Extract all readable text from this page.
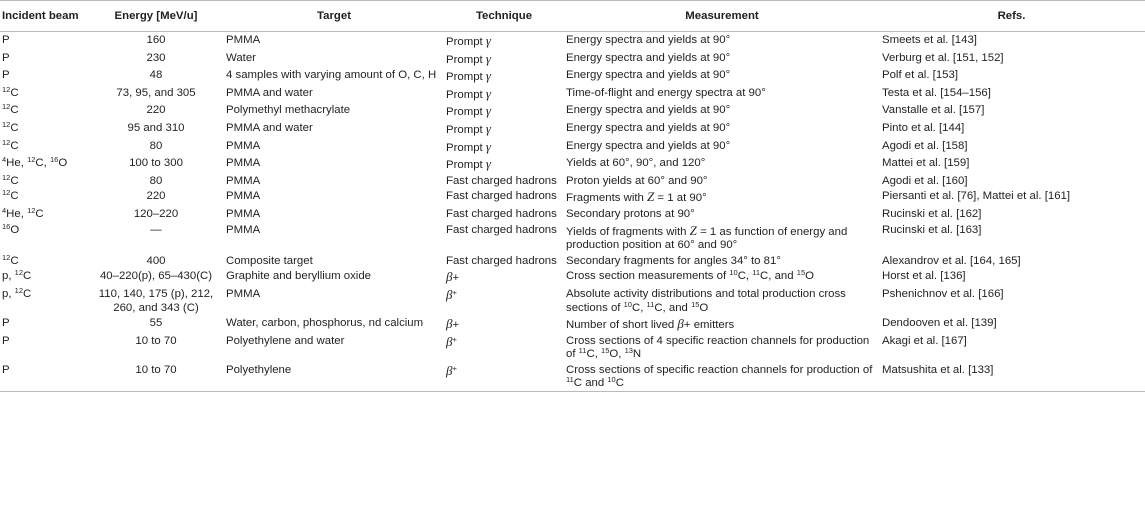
Incident beam	Energy [MeV/u]	Target	Technique	Measurement	Refs.
P	160	PMMA	Prompt γ	Energy spectra and yields at 90°	Smeets et al. [143]
P	230	Water	Prompt γ	Energy spectra and yields at 90°	Verburg et al. [151, 152]
P	48	4 samples with varying amount of O, C, H	Prompt γ	Energy spectra and yields at 90°	Polf et al. [153]
$^{12}$C	73, 95, and 305	PMMA and water	Prompt γ	Time-of-flight and energy spectra at 90°	Testa et al. [154–156]
$^{12}$C	220	Polymethyl methacrylate	Prompt γ	Energy spectra and yields at 90°	Vanstalle et al. [157]
$^{12}$C	95 and 310	PMMA and water	Prompt γ	Energy spectra and yields at 90°	Pinto et al. [144]
$^{12}$C	80	PMMA	Prompt γ	Energy spectra and yields at 90°	Agodi et al. [158]
$^4$He, $^{12}$C, $^{16}$O	100 to 300	PMMA	Prompt γ	Yields at 60°, 90°, and 120°	Mattei et al. [159]
$^{12}$C	80	PMMA	Fast charged hadrons	Proton yields at 60° and 90°	Agodi et al. [160]
$^{12}$C	220	PMMA	Fast charged hadrons	Fragments with Z = 1 at 90°	Piersanti et al. [76], Mattei et al. [161]
$^4$He, $^{12}$C	120–220	PMMA	Fast charged hadrons	Secondary protons at 90°	Rucinski et al. [162]
$^{16}$O	—	PMMA	Fast charged hadrons	Yields of fragments with Z = 1 as function of energy and production position at 60° and 90°	Rucinski et al. [163]
$^{12}$C	400	Composite target	Fast charged hadrons	Secondary fragments for angles 34° to 81°	Alexandrov et al. [164, 165]
p, $^{12}$C	40–220(p), 65–430(C)	Graphite and beryllium oxide	β+	Cross section measurements of $^{10}$C, $^{11}$C, and $^{15}$O	Horst et al. [136]
p, $^{12}$C	110, 140, 175 (p), 212, 260, and 343 (C)	PMMA	β+	Absolute activity distributions and total production cross sections of $^{10}$C, $^{11}$C, and $^{15}$O	Pshenichnov et al. [166]
P	55	Water, carbon, phosphorus, nd calcium	β+	Number of short lived β+ emitters	Dendooven et al. [139]
P	10 to 70	Polyethylene and water	β+	Cross sections of 4 specific reaction channels for production of $^{11}$C, $^{15}$O, $^{13}$N	Akagi et al. [167]
P	10 to 70	Polyethylene	β+	Cross sections of specific reaction channels for production of $^{11}$C and $^{10}$C	Matsushita et al. [133]
